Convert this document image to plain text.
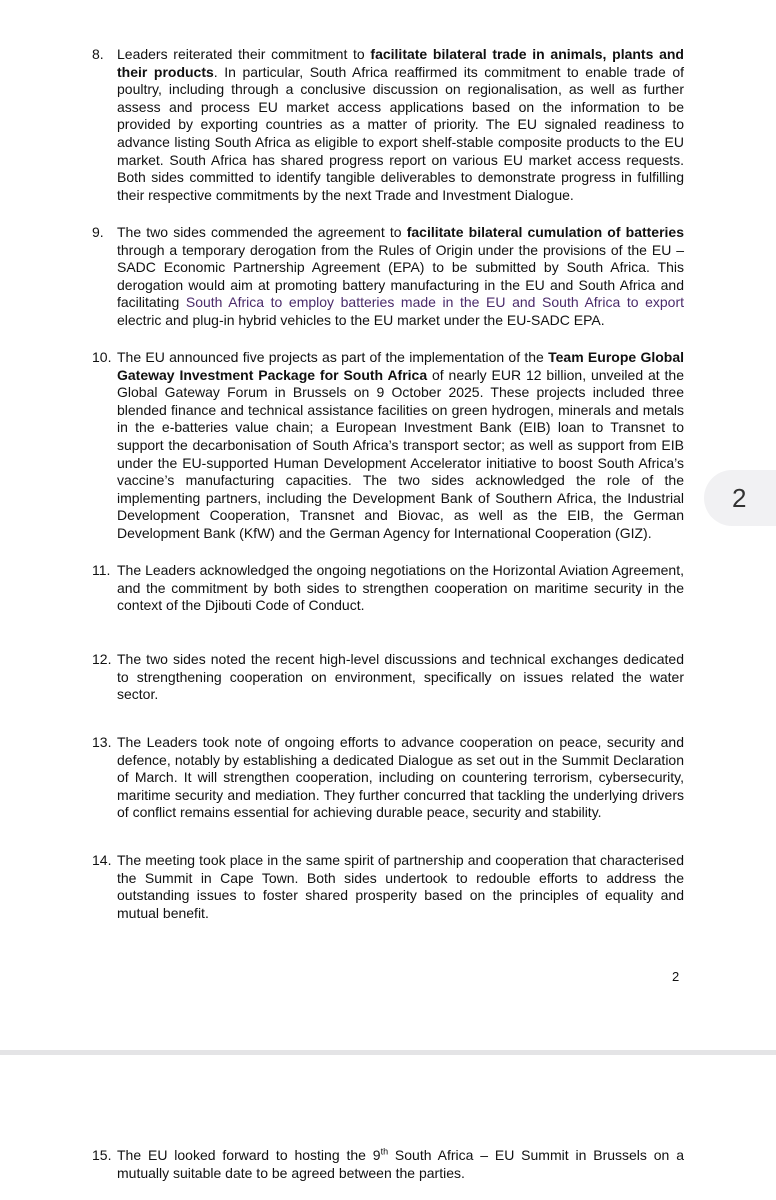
8. Leaders reiterated their commitment to facilitate bilateral trade in animals, plants and their products. In particular, South Africa reaffirmed its commitment to enable trade of poultry, including through a conclusive discussion on regionalisation, as well as further assess and process EU market access applications based on the information to be provided by exporting countries as a matter of priority. The EU signaled readiness to advance listing South Africa as eligible to export shelf-stable composite products to the EU market. South Africa has shared progress report on various EU market access requests. Both sides committed to identify tangible deliverables to demonstrate progress in fulfilling their respective commitments by the next Trade and Investment Dialogue.
9. The two sides commended the agreement to facilitate bilateral cumulation of batteries through a temporary derogation from the Rules of Origin under the provisions of the EU – SADC Economic Partnership Agreement (EPA) to be submitted by South Africa. This derogation would aim at promoting battery manufacturing in the EU and South Africa and facilitating South Africa to employ batteries made in the EU and South Africa to export electric and plug-in hybrid vehicles to the EU market under the EU-SADC EPA.
10. The EU announced five projects as part of the implementation of the Team Europe Global Gateway Investment Package for South Africa of nearly EUR 12 billion, unveiled at the Global Gateway Forum in Brussels on 9 October 2025. These projects included three blended finance and technical assistance facilities on green hydrogen, minerals and metals in the e-batteries value chain; a European Investment Bank (EIB) loan to Transnet to support the decarbonisation of South Africa’s transport sector; as well as support from EIB under the EU-supported Human Development Accelerator initiative to boost South Africa’s vaccine’s manufacturing capacities. The two sides acknowledged the role of the implementing partners, including the Development Bank of Southern Africa, the Industrial Development Cooperation, Transnet and Biovac, as well as the EIB, the German Development Bank (KfW) and the German Agency for International Cooperation (GIZ).
11. The Leaders acknowledged the ongoing negotiations on the Horizontal Aviation Agreement, and the commitment by both sides to strengthen cooperation on maritime security in the context of the Djibouti Code of Conduct.
12. The two sides noted the recent high-level discussions and technical exchanges dedicated to strengthening cooperation on environment, specifically on issues related the water sector.
13. The Leaders took note of ongoing efforts to advance cooperation on peace, security and defence, notably by establishing a dedicated Dialogue as set out in the Summit Declaration of March. It will strengthen cooperation, including on countering terrorism, cybersecurity, maritime security and mediation. They further concurred that tackling the underlying drivers of conflict remains essential for achieving durable peace, security and stability.
14. The meeting took place in the same spirit of partnership and cooperation that characterised the Summit in Cape Town. Both sides undertook to redouble efforts to address the outstanding issues to foster shared prosperity based on the principles of equality and mutual benefit.
2
2
15. The EU looked forward to hosting the 9th South Africa – EU Summit in Brussels on a mutually suitable date to be agreed between the parties.
